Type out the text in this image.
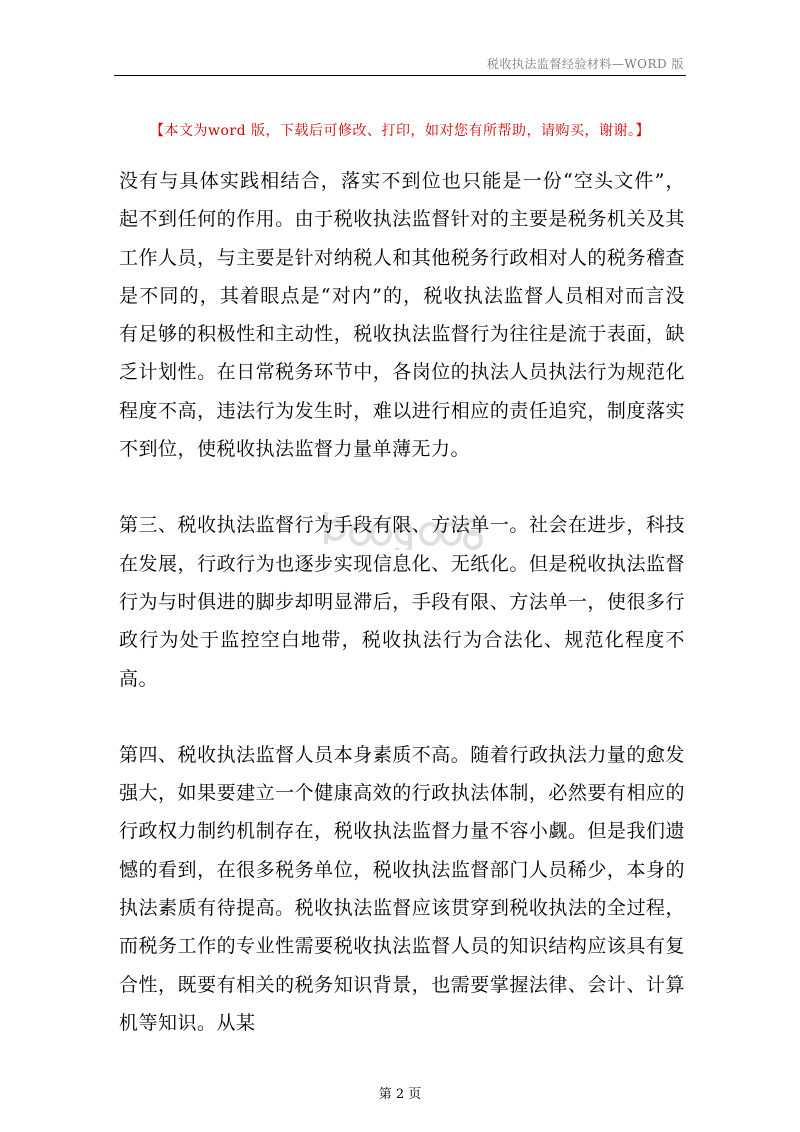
税收执法监督经验材料—WORD 版
【本文为word 版，下载后可修改、打印，如对您有所帮助，请购买，谢谢。】

没有与具体实践相结合，落实不到位也只能是一份“空头文件”，起不到任何的作用。由于税收执法监督针对的主要是税务机关及其工作人员，与主要是针对纳税人和其他税务行政相对人的税务稽查是不同的，其着眼点是“对内”的，税收执法监督人员相对而言没有足够的积极性和主动性，税收执法监督行为往往是流于表面，缺乏计划性。在日常税务环节中，各岗位的执法人员执法行为规范化程度不高，违法行为发生时，难以进行相应的责任追究，制度落实不到位，使税收执法监督力量单薄无力。

第三、税收执法监督行为手段有限、方法单一。社会在进步，科技在发展，行政行为也逐步实现信息化、无纸化。但是税收执法监督行为与时俱进的脚步却明显滞后，手段有限、方法单一，使很多行政行为处于监控空白地带，税收执法行为合法化、规范化程度不高。

第四、税收执法监督人员本身素质不高。随着行政执法力量的愈发强大，如果要建立一个健康高效的行政执法体制，必然要有相应的行政权力制约机制存在，税收执法监督力量不容小觑。但是我们遗憾的看到，在很多税务单位，税收执法监督部门人员稀少，本身的执法素质有待提高。税收执法监督应该贯穿到税收执法的全过程，而税务工作的专业性需要税收执法监督人员的知识结构应该具有复合性，既要有相关的税务知识背景，也需要掌握法律、会计、计算机等知识。从某

第 2 页
